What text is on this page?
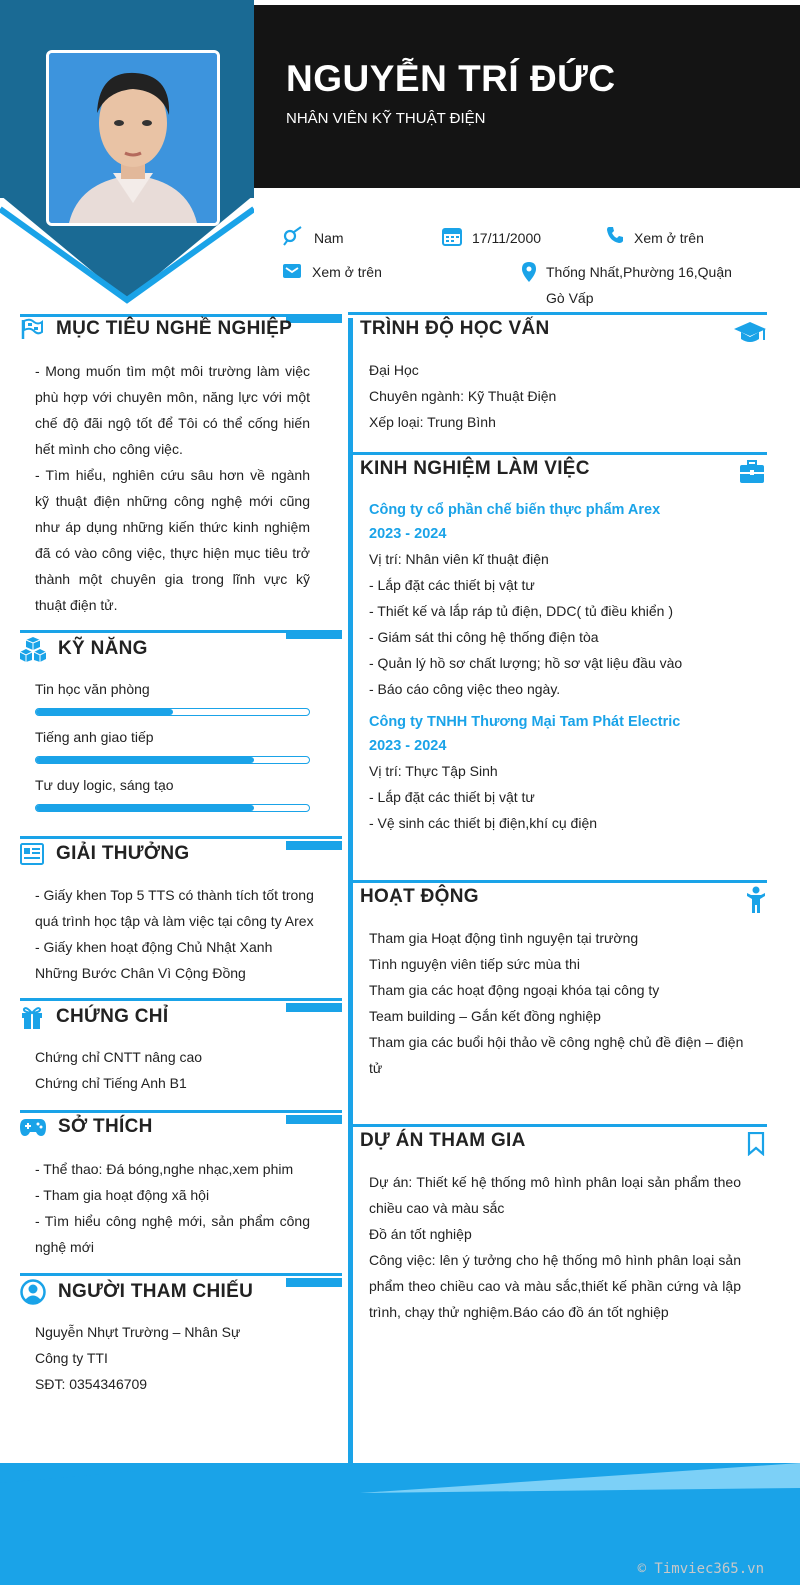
NGUYỄN TRÍ ĐỨC
NHÂN VIÊN KỸ THUẬT ĐIỆN
Nam	17/11/2000	Xem ở trên
Xem ở trên	Thống Nhất,Phường 16,Quận Gò Vấp
MỤC TIÊU NGHỀ NGHIỆP
- Mong muốn tìm một môi trường làm việc phù hợp với chuyên môn, năng lực với một chế độ đãi ngộ tốt để Tôi có thể cống hiến hết mình cho công việc.
- Tìm hiểu, nghiên cứu sâu hơn về ngành kỹ thuật điện những công nghệ mới cũng như áp dụng những kiến thức kinh nghiệm đã có vào công việc, thực hiện mục tiêu trở thành một chuyên gia trong lĩnh vực kỹ thuật điện tử.
KỸ NĂNG
Tin học văn phòng
Tiếng anh giao tiếp
Tư duy logic, sáng tạo
GIẢI THƯỞNG
- Giấy khen Top 5 TTS có thành tích tốt trong quá trình học tập và làm việc tại công ty Arex
- Giấy khen hoạt động Chủ Nhật Xanh Những Bước Chân Vì Cộng Đồng
CHỨNG CHỈ
Chứng chỉ CNTT nâng cao
Chứng chỉ Tiếng Anh B1
SỞ THÍCH
- Thể thao: Đá bóng,nghe nhạc,xem phim
- Tham gia hoạt động xã hội
- Tìm hiểu công nghệ mới, sản phẩm công nghệ mới
NGƯỜI THAM CHIẾU
Nguyễn Nhựt Trường – Nhân Sự
Công ty TTI
SĐT: 0354346709
TRÌNH ĐỘ HỌC VẤN
Đại Học
Chuyên ngành: Kỹ Thuật Điện
Xếp loại: Trung Bình
KINH NGHIỆM LÀM VIỆC
Công ty cổ phần chế biến thực phẩm Arex
2023 - 2024
Vị trí: Nhân viên kĩ thuật điện
- Lắp đặt các thiết bị vật tư
- Thiết kế và lắp ráp tủ điện, DDC( tủ điều khiển )
- Giám sát thi công hệ thống điện tòa
- Quản lý hồ sơ chất lượng; hồ sơ vật liệu đầu vào
- Báo cáo công việc theo ngày.
Công ty TNHH Thương Mại Tam Phát Electric
2023 - 2024
Vị trí: Thực Tập Sinh
- Lắp đặt các thiết bị vật tư
- Vệ sinh các thiết bị điện,khí cụ điện
HOẠT ĐỘNG
Tham gia Hoạt động tình nguyện tại trường
Tình nguyện viên tiếp sức mùa thi
Tham gia các hoạt động ngoại khóa tại công ty
Team building – Gắn kết đồng nghiệp
Tham gia các buổi hội thảo về công nghệ chủ đề điện – điện tử
DỰ ÁN THAM GIA
Dự án: Thiết kế hệ thống mô hình phân loại sản phẩm theo chiều cao và màu sắc
Đồ án tốt nghiệp
Công việc: lên ý tưởng cho hệ thống mô hình phân loại sản phẩm theo chiều cao và màu sắc,thiết kế phần cứng và lập trình, chạy thử nghiệm.Báo cáo đồ án tốt nghiệp
© Timviec365.vn
